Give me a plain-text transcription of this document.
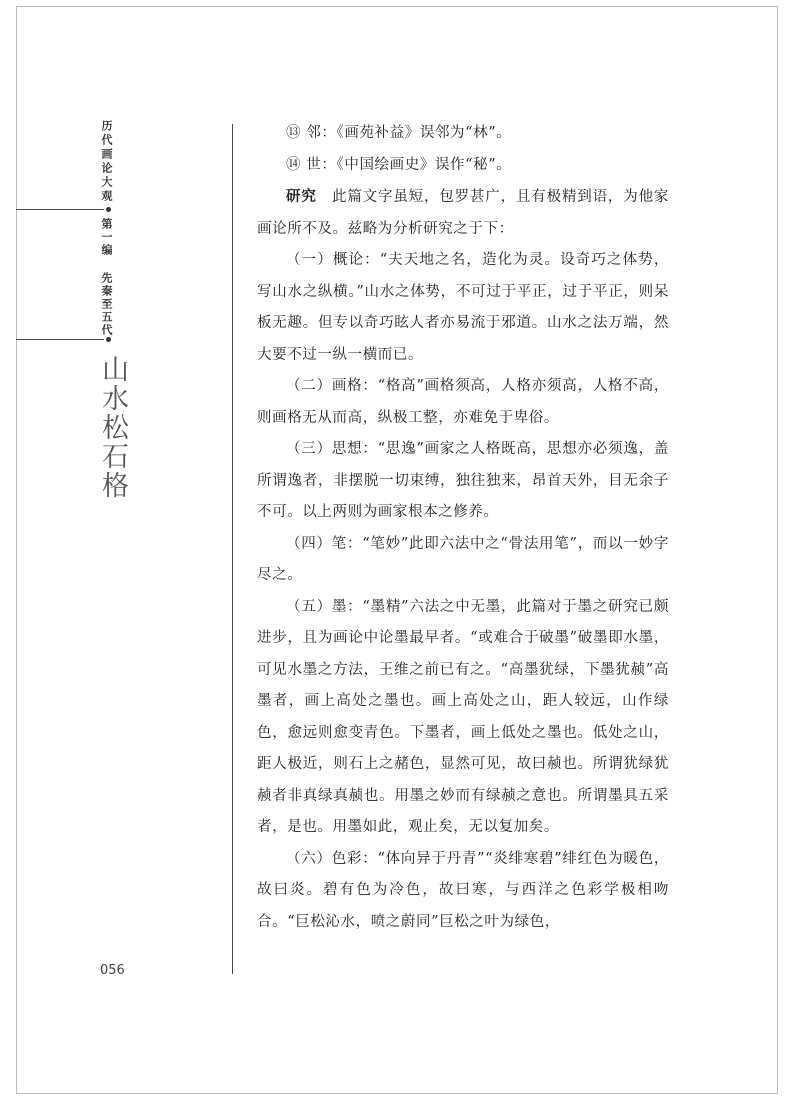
历代画论大观
第一编 先秦至五代
山水松石格
056

⑬ 邻：《画苑补益》误邻为“林”。

⑭ 世：《中国绘画史》误作“秘”。

研究　 此篇文字虽短，包罗甚广，且有极精到语，为他家画论所不及。兹略为分析研究之于下：

（一）概论：“夫天地之名，造化为灵。设奇巧之体势，写山水之纵横。”山水之体势，不可过于平正，过于平正，则呆板无趣。但专以奇巧眩人者亦易流于邪道。山水之法万端，然大要不过一纵一横而已。

（二）画格：“格高”画格须高，人格亦须高，人格不高，则画格无从而高，纵极工整，亦难免于卑俗。

（三）思想：“思逸”画家之人格既高，思想亦必须逸，盖所谓逸者，非摆脱一切束缚，独往独来，昂首天外，目无余子不可。以上两则为画家根本之修养。

（四）笔：“笔妙”此即六法中之“骨法用笔”，而以一妙字尽之。

（五）墨：“墨精”六法之中无墨，此篇对于墨之研究已颇进步，且为画论中论墨最早者。“或难合于破墨”破墨即水墨，可见水墨之方法，王维之前已有之。“高墨犹绿，下墨犹赪”高墨者，画上高处之墨也。画上高处之山，距人较远，山作绿色，愈远则愈变青色。下墨者，画上低处之墨也。低处之山，距人极近，则石上之赭色，显然可见，故曰赪也。所谓犹绿犹赪者非真绿真赪也。用墨之妙而有绿赪之意也。所谓墨具五采者，是也。用墨如此，观止矣，无以复加矣。

（六）色彩：“体向异于丹青”“炎绯寒碧”绯红色为暖色，故曰炎。碧有色为冷色，故曰寒，与西洋之色彩学极相吻合。“巨松沁水，喷之蔚同”巨松之叶为绿色，
